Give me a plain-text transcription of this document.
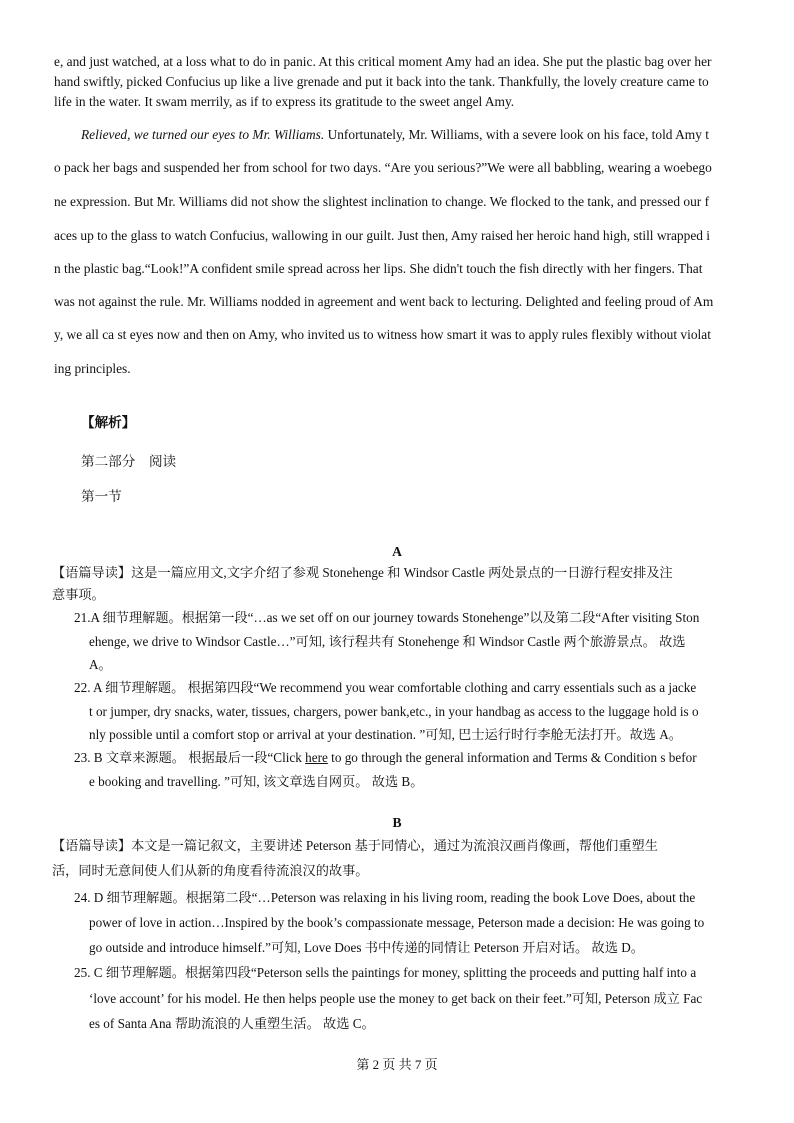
e, and just watched, at a loss what to do in panic. At this critical moment Amy had an idea. She put the plastic bag over her
hand swiftly, picked Confucius up like a live grenade and put it back into the tank. Thankfully, the lovely creature came to
life in the water. It swam merrily, as if to express its gratitude to the sweet angel Amy.
Relieved, we turned our eyes to Mr. Williams. Unfortunately, Mr. Williams, with a severe look on his face, told Amy t
o pack her bags and suspended her from school for two days. “Are you serious?”We were all babbling, wearing a woebego
ne expression. But Mr. Williams did not show the slightest inclination to change. We flocked to the tank, and pressed our f
aces up to the glass to watch Confucius, wallowing in our guilt. Just then, Amy raised her heroic hand high, still wrapped i
n the plastic bag.“Look!”A confident smile spread across her lips. She didn't touch the fish directly with her fingers. That
was not against the rule. Mr. Williams nodded in agreement and went back to lecturing. Delighted and feeling proud of Am
y, we all ca st eyes now and then on Amy, who invited us to witness how smart it was to apply rules flexibly without violat
ing principles.
【解析】
第二部分　阅读
第一节
A
【语篇导读】这是一篇应用文,文字介绍了参观 Stonehenge 和 Windsor Castle 两处景点的一日游行程安排及注
意事项。
21.A 细节理解题。根据第一段“…as we set off on our journey towards Stonehenge”以及第二段“After visiting Ston
ehenge, we drive to Windsor Castle…”可知, 该行程共有 Stonehenge 和 Windsor Castle 两个旅游景点。 故选
A。
22. A 细节理解题。 根据第四段“We recommend you wear comfortable clothing and carry essentials such as a jacke
t or jumper, dry snacks, water, tissues, chargers, power bank,etc., in your handbag as access to the luggage hold is o
nly possible until a comfort stop or arrival at your destination. ”可知, 巴士运行时行李舱无法打开。故选 A。
23. B 文章来源题。 根据最后一段“Click here to go through the general information and Terms & Condition s befor
e booking and travelling. ”可知, 该文章选自网页。 故选 B。
B
【语篇导读】本文是一篇记叙文，主要讲述 Peterson 基于同情心，通过为流浪汉画肖像画，帮他们重塑生
活，同时无意间使人们从新的角度看待流浪汉的故事。
24. D 细节理解题。根据第二段“…Peterson was relaxing in his living room, reading the book Love Does, about the
power of love in action…Inspired by the book’s compassionate message, Peterson made a decision: He was going to
go outside and introduce himself.”可知, Love Does 书中传递的同情让 Peterson 开启对话。 故选 D。
25. C 细节理解题。根据第四段“Peterson sells the paintings for money, splitting the proceeds and putting half into a
‘love account’ for his model. He then helps people use the money to get back on their feet.”可知, Peterson 成立 Fac
es of Santa Ana 帮助流浪的人重塑生活。 故选 C。
第 2 页 共 7 页
